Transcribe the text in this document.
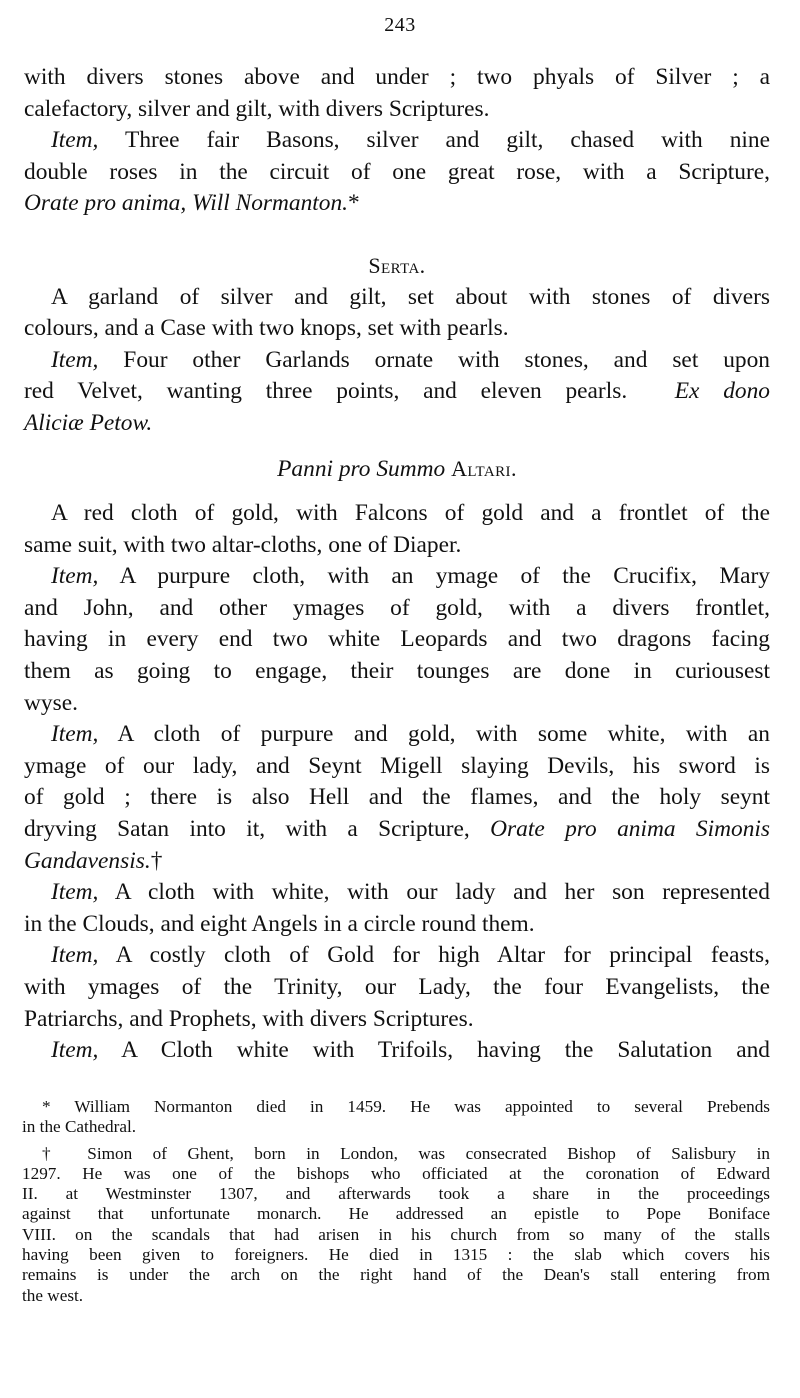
243
with divers stones above and under ; two phyals of Silver ; a
calefactory, silver and gilt, with divers Scriptures.
Item, Three fair Basons, silver and gilt, chased with nine
double roses in the circuit of one great rose, with a Scripture,
Orate pro anima, Will Normanton.*
Serta.
A garland of silver and gilt, set about with stones of divers
colours, and a Case with two knops, set with pearls.
Item, Four other Garlands ornate with stones, and set upon
red Velvet, wanting three points, and eleven pearls. Ex dono
Aliciæ Petow.
Panni pro Summo Altari.
A red cloth of gold, with Falcons of gold and a frontlet of the
same suit, with two altar-cloths, one of Diaper.
Item, A purpure cloth, with an ymage of the Crucifix, Mary
and John, and other ymages of gold, with a divers frontlet,
having in every end two white Leopards and two dragons facing
them as going to engage, their tounges are done in curiousest
wyse.
Item, A cloth of purpure and gold, with some white, with an
ymage of our lady, and Seynt Migell slaying Devils, his sword is
of gold ; there is also Hell and the flames, and the holy seynt
dryving Satan into it, with a Scripture, Orate pro anima Simonis
Gandavensis.†
Item, A cloth with white, with our lady and her son represented
in the Clouds, and eight Angels in a circle round them.
Item, A costly cloth of Gold for high Altar for principal feasts,
with ymages of the Trinity, our Lady, the four Evangelists, the
Patriarchs, and Prophets, with divers Scriptures.
Item, A Cloth white with Trifoils, having the Salutation and
* William Normanton died in 1459. He was appointed to several Prebends
in the Cathedral.
† Simon of Ghent, born in London, was consecrated Bishop of Salisbury in
1297. He was one of the bishops who officiated at the coronation of Edward
II. at Westminster 1307, and afterwards took a share in the proceedings
against that unfortunate monarch. He addressed an epistle to Pope Boniface
VIII. on the scandals that had arisen in his church from so many of the stalls
having been given to foreigners. He died in 1315 : the slab which covers his
remains is under the arch on the right hand of the Dean's stall entering from
the west.
